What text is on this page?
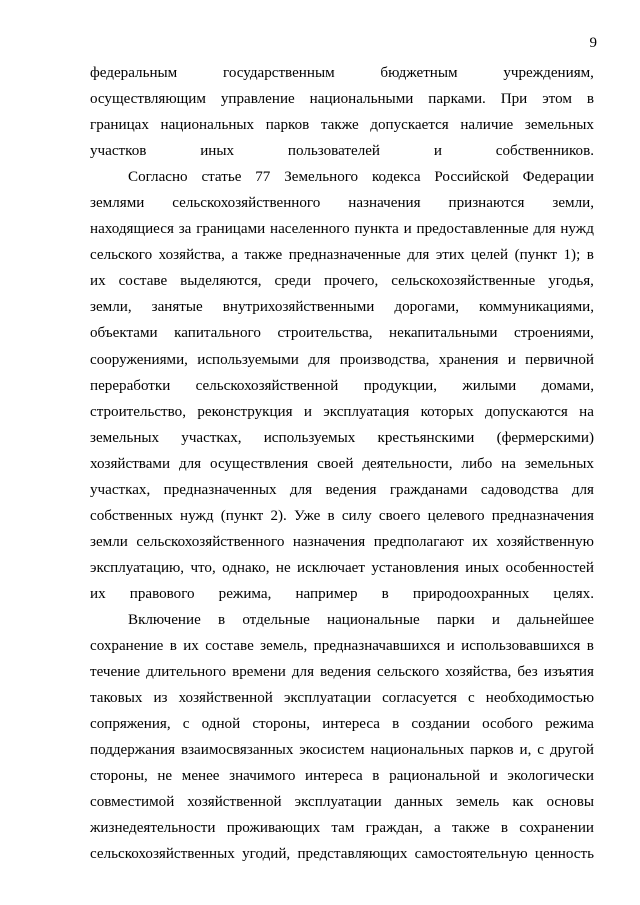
9
федеральным	государственным	бюджетным	учреждениям,
осуществляющим управление национальными парками. При этом в
границах национальных парков также допускается наличие земельных
участков иных пользователей и собственников.
Согласно статье 77 Земельного кодекса Российской Федерации
землями сельскохозяйственного назначения признаются земли,
находящиеся за границами населенного пункта и предоставленные для нужд
сельского хозяйства, а также предназначенные для этих целей (пункт 1); в
их составе выделяются, среди прочего, сельскохозяйственные угодья,
земли, занятые внутрихозяйственными дорогами, коммуникациями,
объектами капитального строительства, некапитальными строениями,
сооружениями, используемыми для производства, хранения и первичной
переработки сельскохозяйственной продукции, жилыми домами,
строительство, реконструкция и эксплуатация которых допускаются на
земельных участках, используемых крестьянскими (фермерскими)
хозяйствами для осуществления своей деятельности, либо на земельных
участках, предназначенных для ведения гражданами садоводства для
собственных нужд (пункт 2). Уже в силу своего целевого предназначения
земли сельскохозяйственного назначения предполагают их хозяйственную
эксплуатацию, что, однако, не исключает установления иных особенностей
их правового режима, например в природоохранных целях.
Включение в отдельные национальные парки и дальнейшее
сохранение в их составе земель, предназначавшихся и использовавшихся в
течение длительного времени для ведения сельского хозяйства, без изъятия
таковых из хозяйственной эксплуатации согласуется с необходимостью
сопряжения, с одной стороны, интереса в создании особого режима
поддержания взаимосвязанных экосистем национальных парков и, с другой
стороны, не менее значимого интереса в рациональной и экологически
совместимой хозяйственной эксплуатации данных земель как основы
жизнедеятельности проживающих там граждан, а также в сохранении
сельскохозяйственных угодий, представляющих самостоятельную ценность
